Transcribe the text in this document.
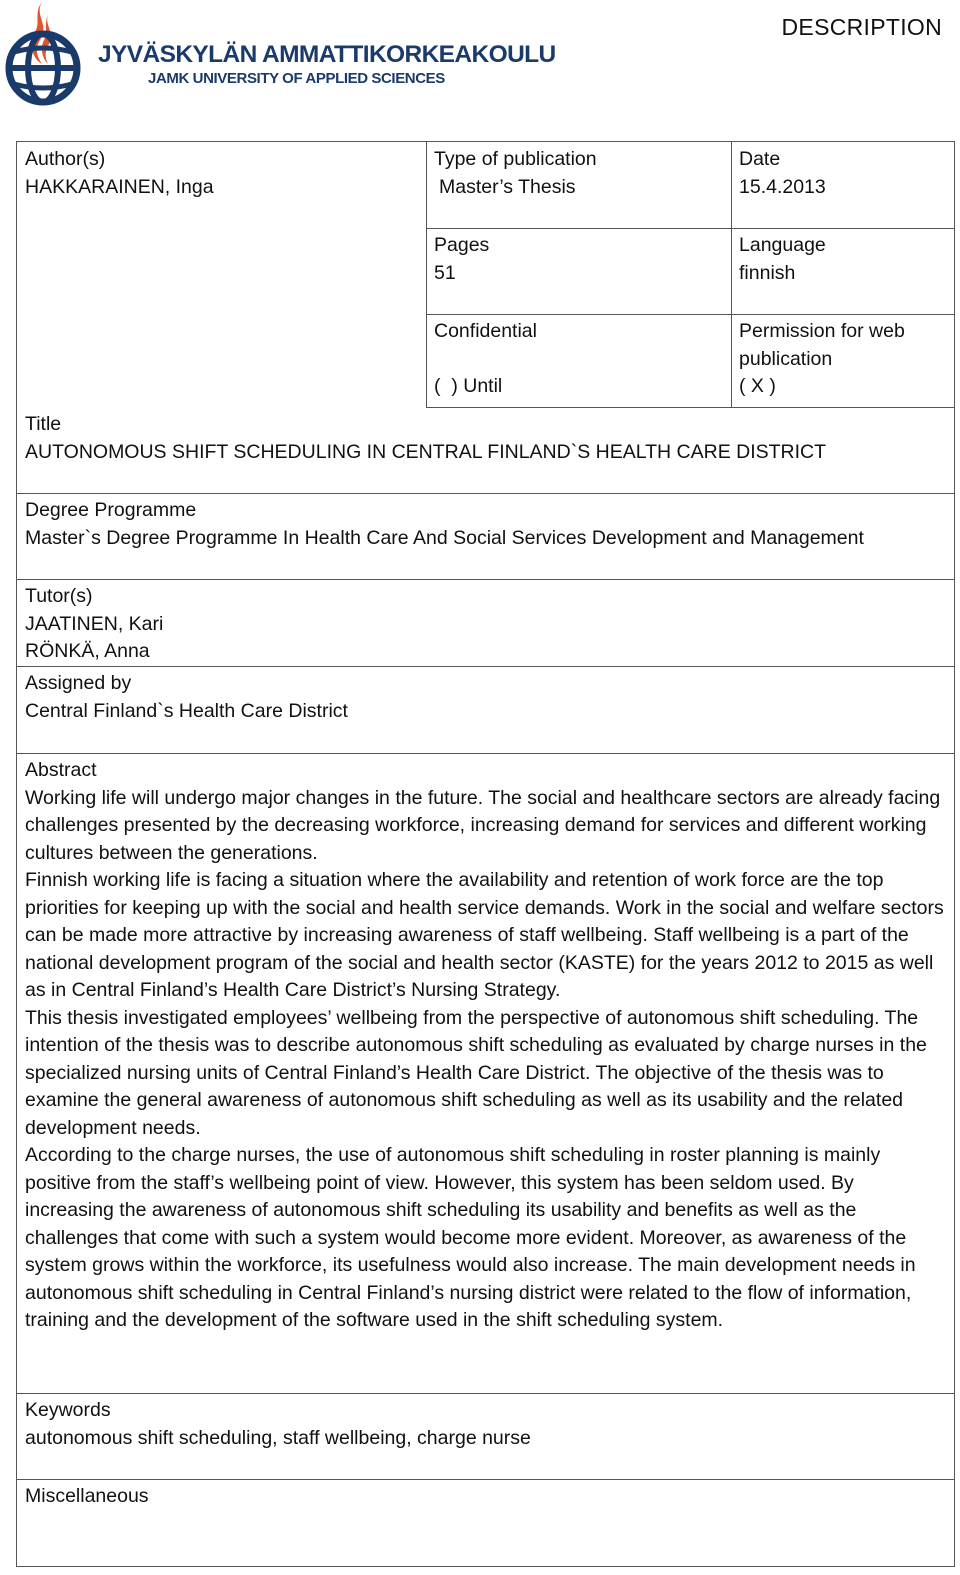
JYVÄSKYLÄN AMMATTIKORKEAKOULU
JAMK UNIVERSITY OF APPLIED SCIENCES
DESCRIPTION
Author(s)
HAKKARAINEN, Inga
Type of publication
Master’s Thesis
Date
15.4.2013
Pages
51
Language
finnish
Confidential
(  ) Until
Permission for web publication
( X )
Title
AUTONOMOUS SHIFT SCHEDULING IN CENTRAL FINLAND`S HEALTH CARE DISTRICT
Degree Programme
Master`s Degree Programme In Health Care And Social Services Development and Management
Tutor(s)
JAATINEN, Kari
RÖNKÄ, Anna
Assigned by
Central Finland`s Health Care District
Abstract

Working life will undergo major changes in the future. The social and healthcare sectors are already facing challenges presented by the decreasing workforce, increasing demand for services and different working cultures between the generations.

Finnish working life is facing a situation where the availability and retention of work force are the top priorities for keeping up with the social and health service demands. Work in the social and welfare sectors can be made more attractive by increasing awareness of staff wellbeing. Staff wellbeing is a part of the national development program of the social and health sector (KASTE) for the years 2012 to 2015 as well as in Central Finland’s Health Care District’s Nursing Strategy.

This thesis investigated employees’ wellbeing from the perspective of autonomous shift scheduling. The intention of the thesis was to describe autonomous shift scheduling as evaluated by charge nurses in the specialized nursing units of Central Finland’s Health Care District. The objective of the thesis was to examine the general awareness of autonomous shift scheduling as well as its usability and the related development needs.

According to the charge nurses, the use of autonomous shift scheduling in roster planning is mainly positive from the staff’s wellbeing point of view. However, this system has been seldom used. By increasing the awareness of autonomous shift scheduling its usability and benefits as well as the challenges that come with such a system would become more evident. Moreover, as awareness of the system grows within the workforce, its usefulness would also increase. The main development needs in autonomous shift scheduling in Central Finland’s nursing district were related to the flow of information, training and the development of the software used in the shift scheduling system.

Keywords
autonomous shift scheduling, staff wellbeing, charge nurse
Miscellaneous
